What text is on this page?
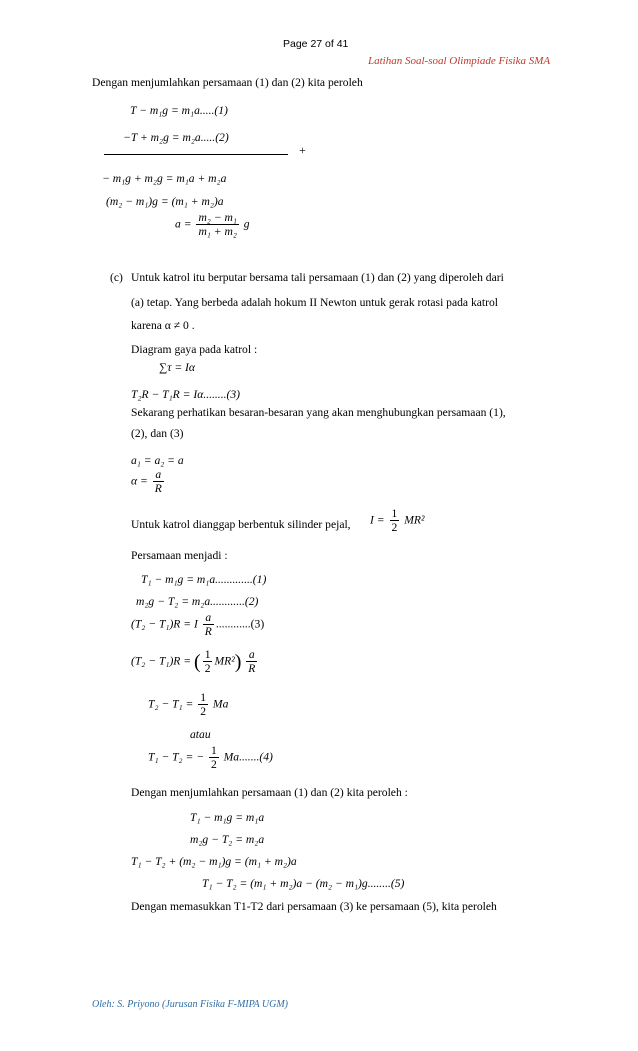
Page 27 of 41
Latihan Soal-soal Olimpiade Fisika SMA
Dengan menjumlahkan persamaan (1) dan (2) kita peroleh
T − m₁g = m₁a.....(1)
−T + m₂g = m₂a.....(2)
+
− m₁g + m₂g = m₁a + m₂a
(m₂ − m₁)g = (m₁ + m₂)a
$a = \frac{\text{m₂ − m₁}}{\text{m₁ + m₂}}$ g
(c) Untuk katrol itu berputar bersama tali persamaan (1) dan (2) yang diperoleh dari
(a) tetap. Yang berbeda adalah hokum II Newton untuk gerak rotasi pada katrol
karena α ≠ 0 .
Diagram gaya pada katrol :
∑τ = Iα
T₂R − T₁R = Iα........(3)
Sekarang perhatikan besaran-besaran yang akan menghubungkan persamaan (1),
(2), dan (3)
a₁ = a₂ = a
$\alpha = \frac{a}{R}$
Untuk katrol dianggap berbentuk silinder pejal, $I = \frac{1}{2} MR^2$
Persamaan menjadi :
T₁ − m₁g = m₁a.............(1)
m₂g − T₂ = m₂a............(2)
(T₂ − T₁)R = I $\frac{a}{R} ............(3)$
(T₂ − T₁)R = ( $\frac{1}{2} MR^2) \frac{a}{R}$
$T_2 - T_1 = \frac{1}{2}$ Ma
atau
T₁ − T₂ = − $\frac{1}{2} Ma.......(4)$
Dengan menjumlahkan persamaan (1) dan (2) kita peroleh :
T₁ − m₁g = m₁a
m₂g − T₂ = m₂a
T₁ − T₂ + (m₂ − m₁)g = (m₁ + m₂)a
T₁ − T₂ = (m₁ + m₂)a − (m₂ − m₁)g........(5)
Dengan memasukkan T1-T2 dari persamaan (3) ke persamaan (5), kita peroleh
Oleh: S. Priyono (Jurusan Fisika F-MIPA UGM)
